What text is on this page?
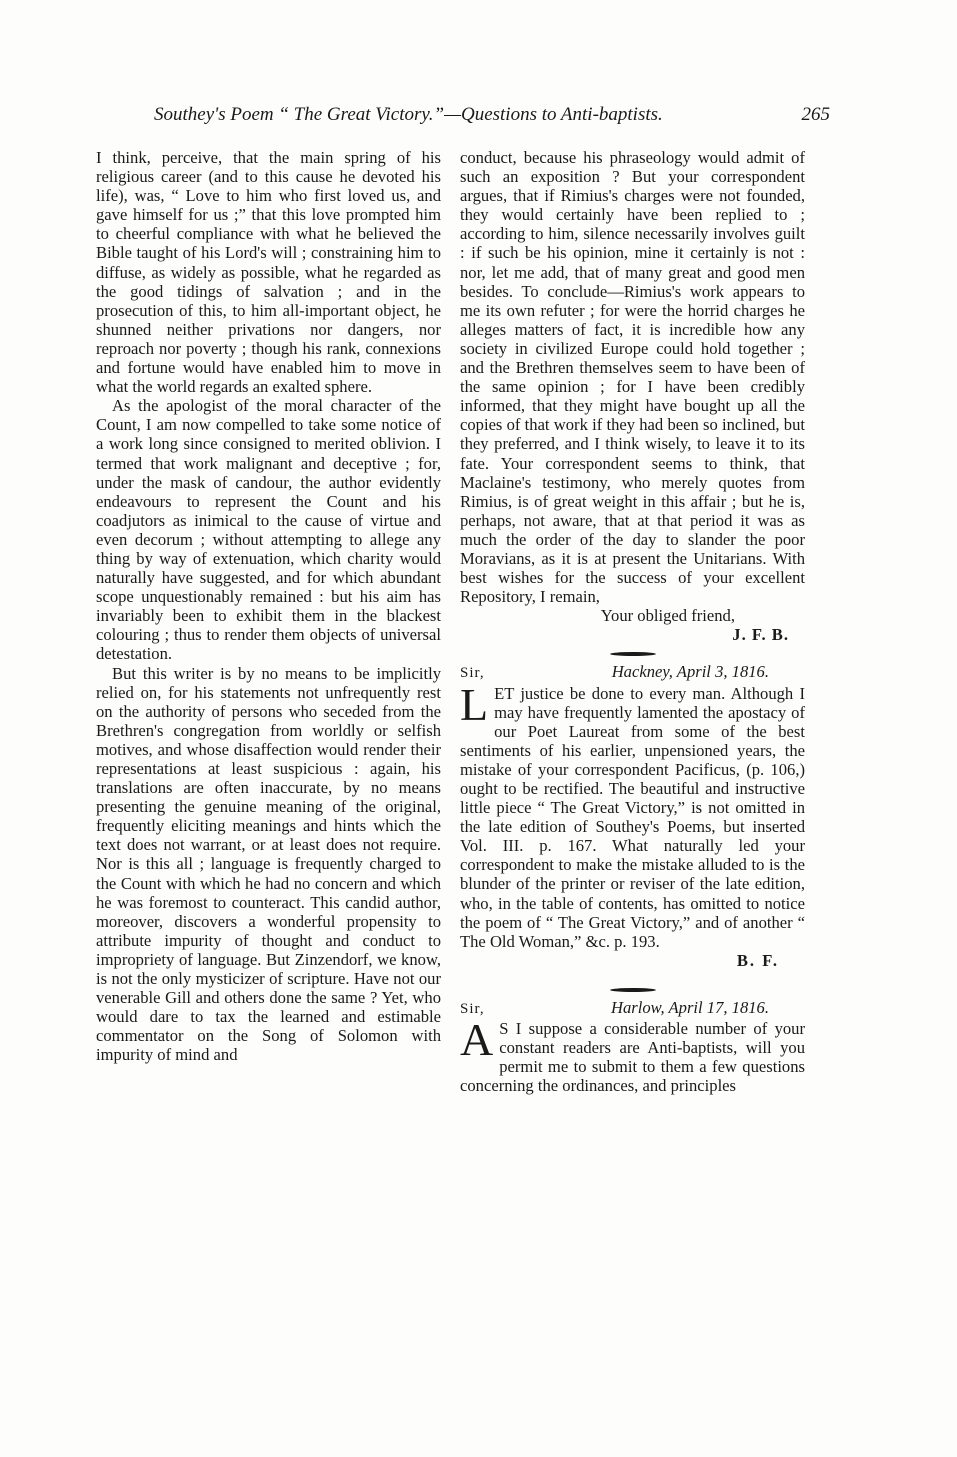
Southey's Poem “ The Great Victory.”—Questions to Anti-baptists.	265

I think, perceive, that the main spring of his religious career (and to this cause he devoted his life), was, “ Love to him who first loved us, and gave himself for us ;” that this love prompted him to cheerful compliance with what he believed the Bible taught of his Lord's will ; constraining him to diffuse, as widely as possible, what he regarded as the good tidings of salvation ; and in the prosecution of this, to him all-important object, he shunned neither privations nor dangers, nor reproach nor poverty ; though his rank, connexions and fortune would have enabled him to move in what the world regards an exalted sphere.

As the apologist of the moral character of the Count, I am now compelled to take some notice of a work long since consigned to merited oblivion. I termed that work malignant and deceptive ; for, under the mask of candour, the author evidently endeavours to represent the Count and his coadjutors as inimical to the cause of virtue and even decorum ; without attempting to allege any thing by way of extenuation, which charity would naturally have suggested, and for which abundant scope unquestionably remained : but his aim has invariably been to exhibit them in the blackest colouring ; thus to render them objects of universal detestation.

But this writer is by no means to be implicitly relied on, for his statements not unfrequently rest on the authority of persons who seceded from the Brethren's congregation from worldly or selfish motives, and whose disaffection would render their representations at least suspicious : again, his translations are often inaccurate, by no means presenting the genuine meaning of the original, frequently eliciting meanings and hints which the text does not warrant, or at least does not require. Nor is this all ; language is frequently charged to the Count with which he had no concern and which he was foremost to counteract. This candid author, moreover, discovers a wonderful propensity to attribute impurity of thought and conduct to impropriety of language. But Zinzendorf, we know, is not the only mysticizer of scripture. Have not our venerable Gill and others done the same ? Yet, who would dare to tax the learned and estimable commentator on the Song of Solomon with impurity of mind and

conduct, because his phraseology would admit of such an exposition ? But your correspondent argues, that if Rimius's charges were not founded, they would certainly have been replied to ; according to him, silence necessarily involves guilt : if such be his opinion, mine it certainly is not : nor, let me add, that of many great and good men besides. To conclude—Rimius's work appears to me its own refuter ; for were the horrid charges he alleges matters of fact, it is incredible how any society in civilized Europe could hold together ; and the Brethren themselves seem to have been of the same opinion ; for I have been credibly informed, that they might have bought up all the copies of that work if they had been so inclined, but they preferred, and I think wisely, to leave it to its fate. Your correspondent seems to think, that Maclaine's testimony, who merely quotes from Rimius, is of great weight in this affair ; but he is, perhaps, not aware, that at that period it was as much the order of the day to slander the poor Moravians, as it is at present the Unitarians. With best wishes for the success of your excellent Repository, I remain,

Your obliged friend,

J. F. B.

Sir,	Hackney, April 3, 1816.

LET justice be done to every man. Although I may have frequently lamented the apostacy of our Poet Laureat from some of the best sentiments of his earlier, unpensioned years, the mistake of your correspondent Pacificus, (p. 106,) ought to be rectified. The beautiful and instructive little piece “ The Great Victory,” is not omitted in the late edition of Southey's Poems, but inserted Vol. III. p. 167. What naturally led your correspondent to make the mistake alluded to is the blunder of the printer or reviser of the late edition, who, in the table of contents, has omitted to notice the poem of “ The Great Victory,” and of another “ The Old Woman,” &c. p. 193.

B. F.

Sir,	Harlow, April 17, 1816.

A S I suppose a considerable number of your constant readers are Anti-baptists, will you permit me to submit to them a few questions concerning the ordinances, and principles
